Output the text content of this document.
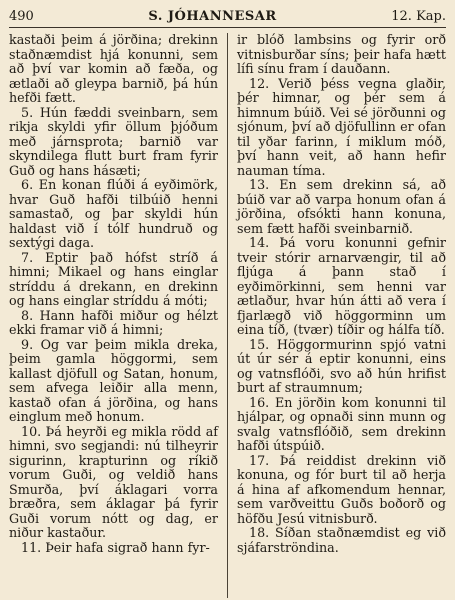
490	S. JÓHANNESAR	12. Kap.

kastaði þeim á jörðina; drekinn staðnæmdist hjá konunni, sem að því var komin að fæða, og ætlaði að gleypa barnið, þá hún hefði fætt.

5. Hún fæddi sveinbarn, sem rikja skyldi yfir öllum þjóðum með járnsprota; barnið var skyndilega flutt burt fram fyrir Guð og hans hásæti;

6. En konan flúði á eyðimörk, hvar Guð hafði tilbúið henni samastað, og þar skyldi hún haldast við í tólf hundruð og sextýgi daga.

7. Eptir það hófst stríð á himni; Mikael og hans einglar stríddu á drekann, en drekinn og hans einglar stríddu á móti;

8. Hann hafði miður og hélzt ekki framar við á himni;

9. Og var þeim mikla dreka, þeim gamla höggormi, sem kallast djöfull og Satan, honum, sem afvega leiðir alla menn, kastað ofan á jörðina, og hans einglum með honum.

10. Þá heyrði eg mikla rödd af himni, svo segjandi: nú tilheyrir sigurinn, krapturinn og ríkið vorum Guði, og veldið hans Smurða, því áklagari vorra bræðra, sem áklagar þá fyrir Guði vorum nótt og dag, er niður kastaður.

11. Þeir hafa sigrað hann fyr-

ir blóð lambsins og fyrir orð vitnisburðar síns; þeir hafa hætt lífi sínu fram í dauðann.

12. Verið þéss vegna glaðir, þér himnar, og þér sem á himnum búið. Vei sé jörðunni og sjónum, því að djöfullinn er ofan til yðar farinn, í miklum móð, því hann veit, að hann hefir nauman tíma.

13. En sem drekinn sá, að búið var að varpa honum ofan á jörðina, ofsókti hann konuna, sem fætt hafði sveinbarnið.

14. Þá voru konunni gefnir tveir stórir arnarvængir, til að fljúga á þann stað í eyðimörkinni, sem henni var ætlaður, hvar hún átti að vera í fjarlægð við höggorminn um eina tíð, (tvær) tíðir og hálfa tíð.

15. Höggormurinn spjó vatni út úr sér á eptir konunni, eins og vatnsflóði, svo að hún hrifist burt af straumnum;

16. En jörðin kom konunni til hjálpar, og opnaði sinn munn og svalg vatnsflóðið, sem drekinn hafði útspúið.

17. Þá reiddist drekinn við konuna, og fór burt til að herja á hina af afkomendum hennar, sem varðveittu Guðs boðorð og höfðu Jesú vitnisburð.

18. Síðan staðnæmdist eg við sjáfarströndina.
